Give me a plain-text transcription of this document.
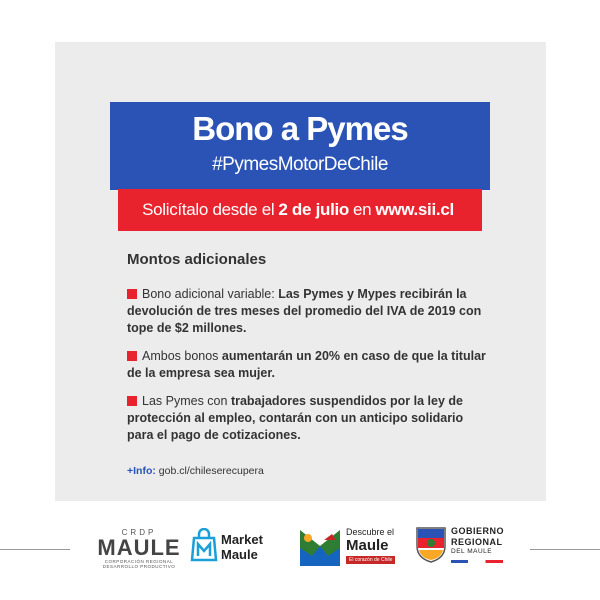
Bono a Pymes
#PymesMotorDeChile
Solicítalo desde el 2 de julio en www.sii.cl
Montos adicionales
Bono adicional variable: Las Pymes y Mypes recibirán la devolución de tres meses del promedio del IVA de 2019 con tope de $2 millones.
Ambos bonos aumentarán un 20% en caso de que la titular de la empresa sea mujer.
Las Pymes con trabajadores suspendidos por la ley de protección al empleo, contarán con un anticipo solidario para el pago de cotizaciones.
+Info: gob.cl/chileserecupera
CRDP
MAULE
CORPORACIÓN REGIONAL DESARROLLO PRODUCTIVO
Market
Maule
Descubre el
Maule
El corazón de Chile
GOBIERNO
REGIONAL
DEL MAULE
